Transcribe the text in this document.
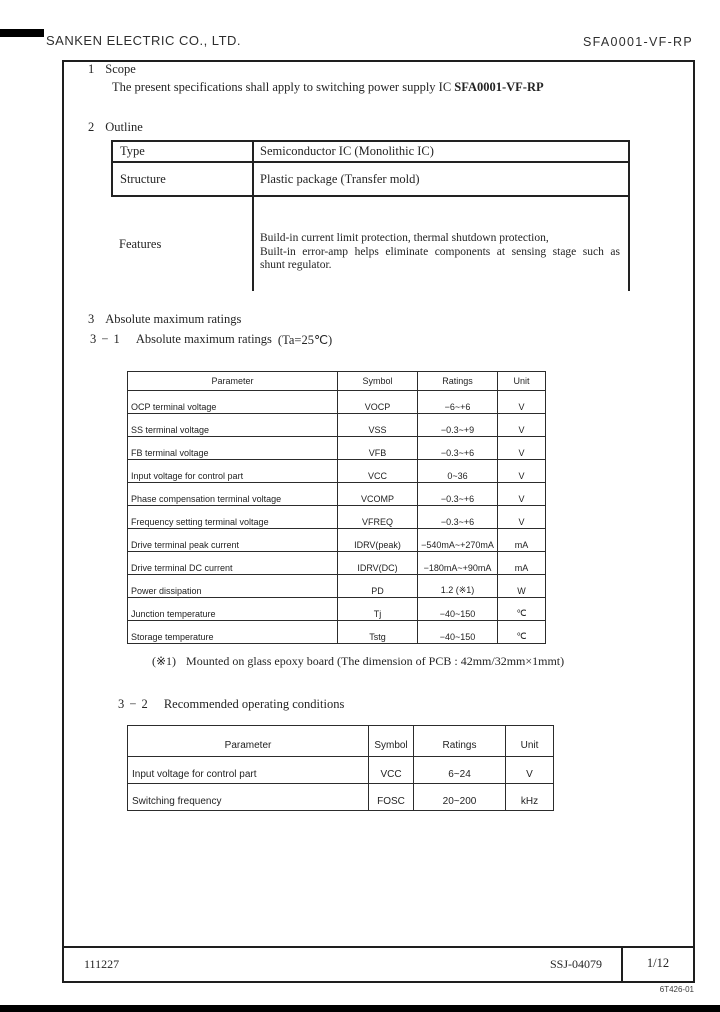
SANKEN ELECTRIC CO., LTD.	SFA0001-VF-RP
1 Scope
The present specifications shall apply to switching power supply IC SFA0001-VF-RP
2 Outline
Type	Semiconductor IC (Monolithic IC)
Structure	Plastic package (Transfer mold)
Features	Build-in current limit protection, thermal shutdown protection,
Built-in error-amp helps eliminate components at sensing stage such as
shunt regulator.
3 Absolute maximum ratings
3 − 1 Absolute maximum ratings (Ta=25℃)
Parameter	Symbol	Ratings	Unit
OCP terminal voltage	VOCP	−6~+6	V
SS terminal voltage	VSS	−0.3~+9	V
FB terminal voltage	VFB	−0.3~+6	V
Input voltage for control part	VCC	0~36	V
Phase compensation terminal voltage	VCOMP	−0.3~+6	V
Frequency setting terminal voltage	VFREQ	−0.3~+6	V
Drive terminal peak current	IDRV(peak)	−540mA~+270mA	mA
Drive terminal DC current	IDRV(DC)	−180mA~+90mA	mA
Power dissipation	PD	1.2 (※1)	W
Junction temperature	Tj	−40~150	℃
Storage temperature	Tstg	−40~150	℃
(※1) Mounted on glass epoxy board (The dimension of PCB : 42mm/32mm×1mmt)
3 − 2 Recommended operating conditions
Parameter	Symbol	Ratings	Unit
Input voltage for control part	VCC	6~24	V
Switching frequency	FOSC	20~200	kHz
111227	SSJ-04079	1/12
6T426-01
